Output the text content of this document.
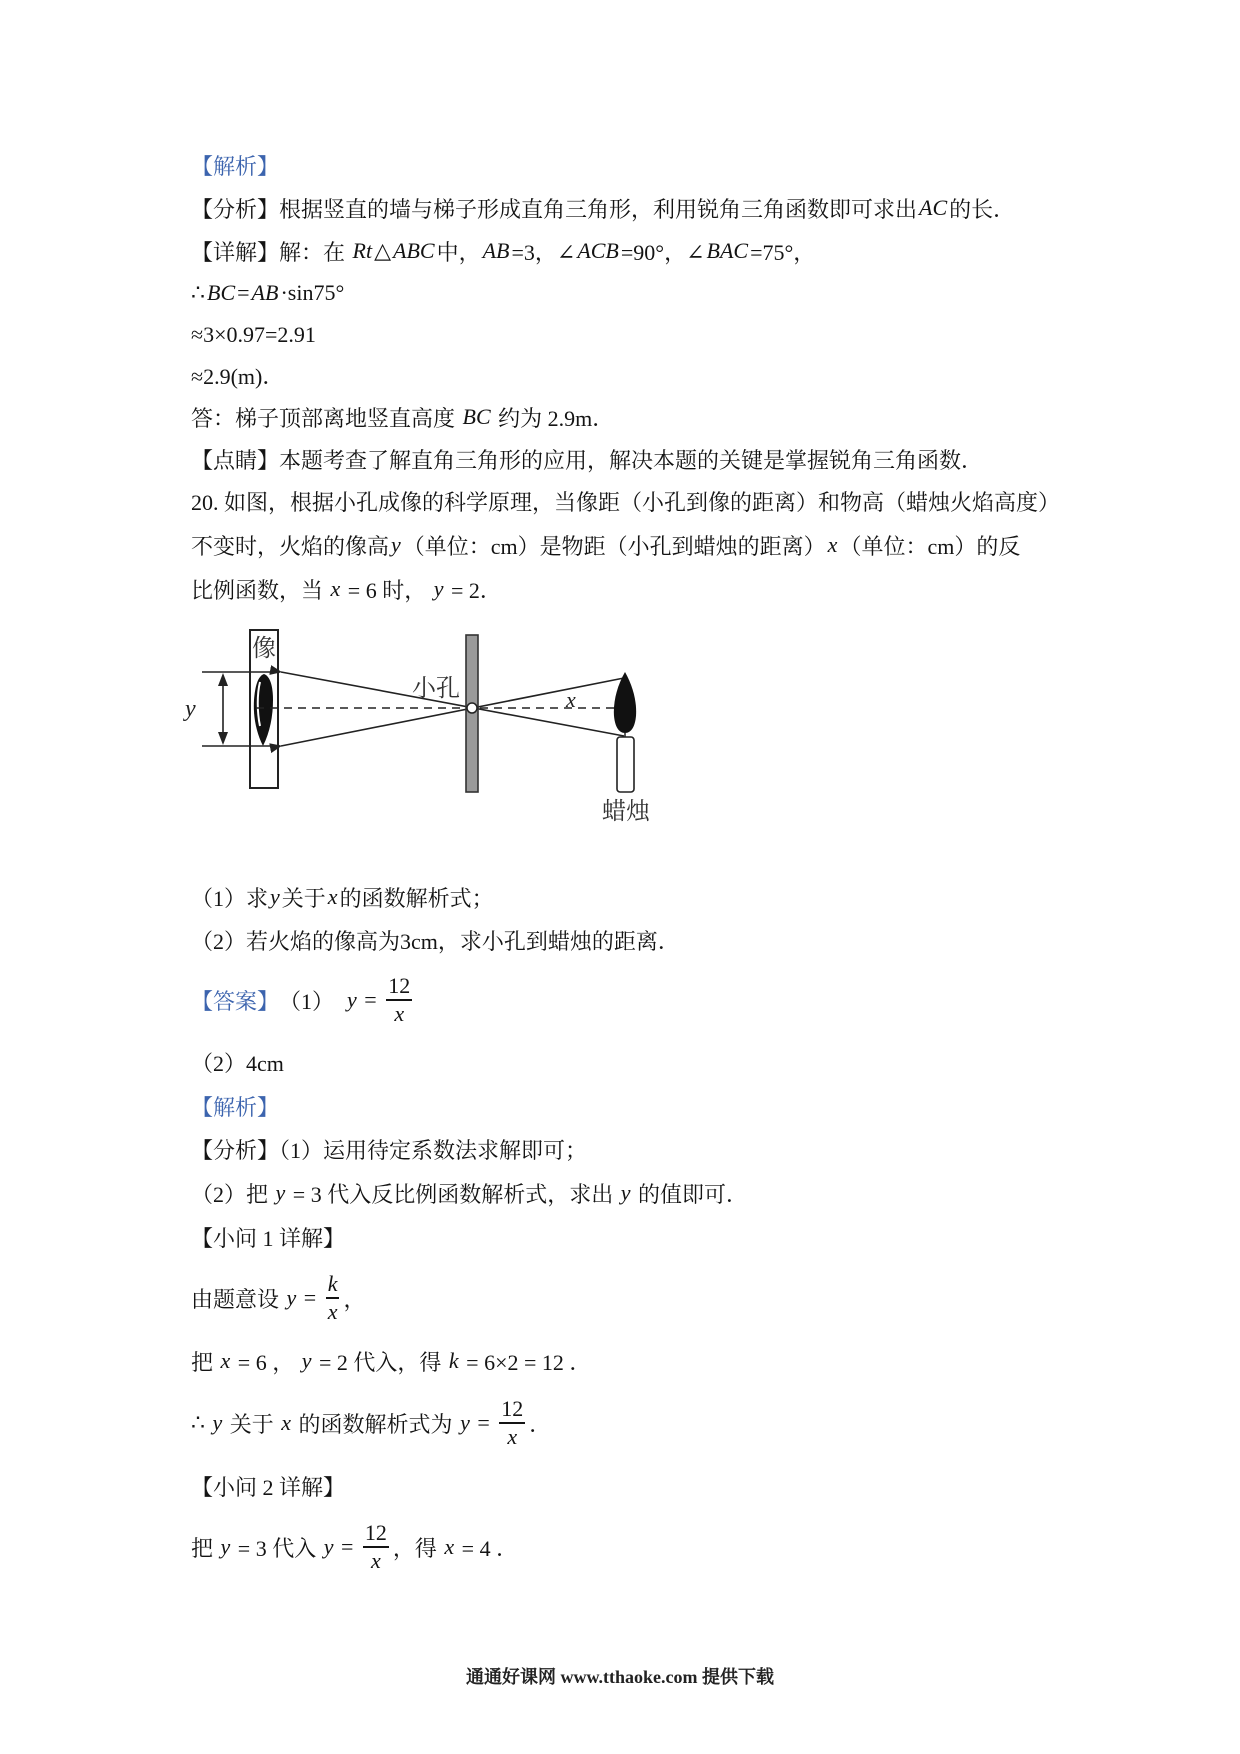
【解析】
【分析】根据竖直的墙与梯子形成直角三角形，利用锐角三角函数即可求出 AC 的长．
【详解】解：在 Rt △ ABC 中， AB =3，∠ ACB =90°，∠ BAC =75°，
∴ BC = AB ·sin75°
≈3×0.97=2.91
≈2.9(m)．
答：梯子顶部离地竖直高度 BC 约为 2.9m．
【点睛】本题考查了解直角三角形的应用，解决本题的关键是掌握锐角三角函数．
20. 如图，根据小孔成像的科学原理，当像距（小孔到像的距离）和物高（蜡烛火焰高度）
不变时，火焰的像高 y （单位：cm）是物距（小孔到蜡烛的距离） x （单位：cm）的反
比例函数，当 x = 6 时， y = 2．
像
y
小孔	x
蜡烛
（1）求 y 关于 x 的函数解析式；
（2）若火焰的像高为3cm，求小孔到蜡烛的距离．
【答案】 （1） $y = \frac{12}{x}$
（2）4cm
【解析】
【分析】（1）运用待定系数法求解即可；
（2）把 y = 3 代入反比例函数解析式，求出 y 的值即可．
【小问 1 详解】
由题意设 $y = \frac{k}{x}$ ，
把 x = 6 ， y = 2 代入，得 k = 6×2 = 12 ．
∴ y 关于 x 的函数解析式为 $y = \frac{12}{x}$ ．
【小问 2 详解】
把 y = 3 代入 $y = \frac{12}{x}$ ，得 x = 4 ．
通通好课网 www.tthaoke.com 提供下载
